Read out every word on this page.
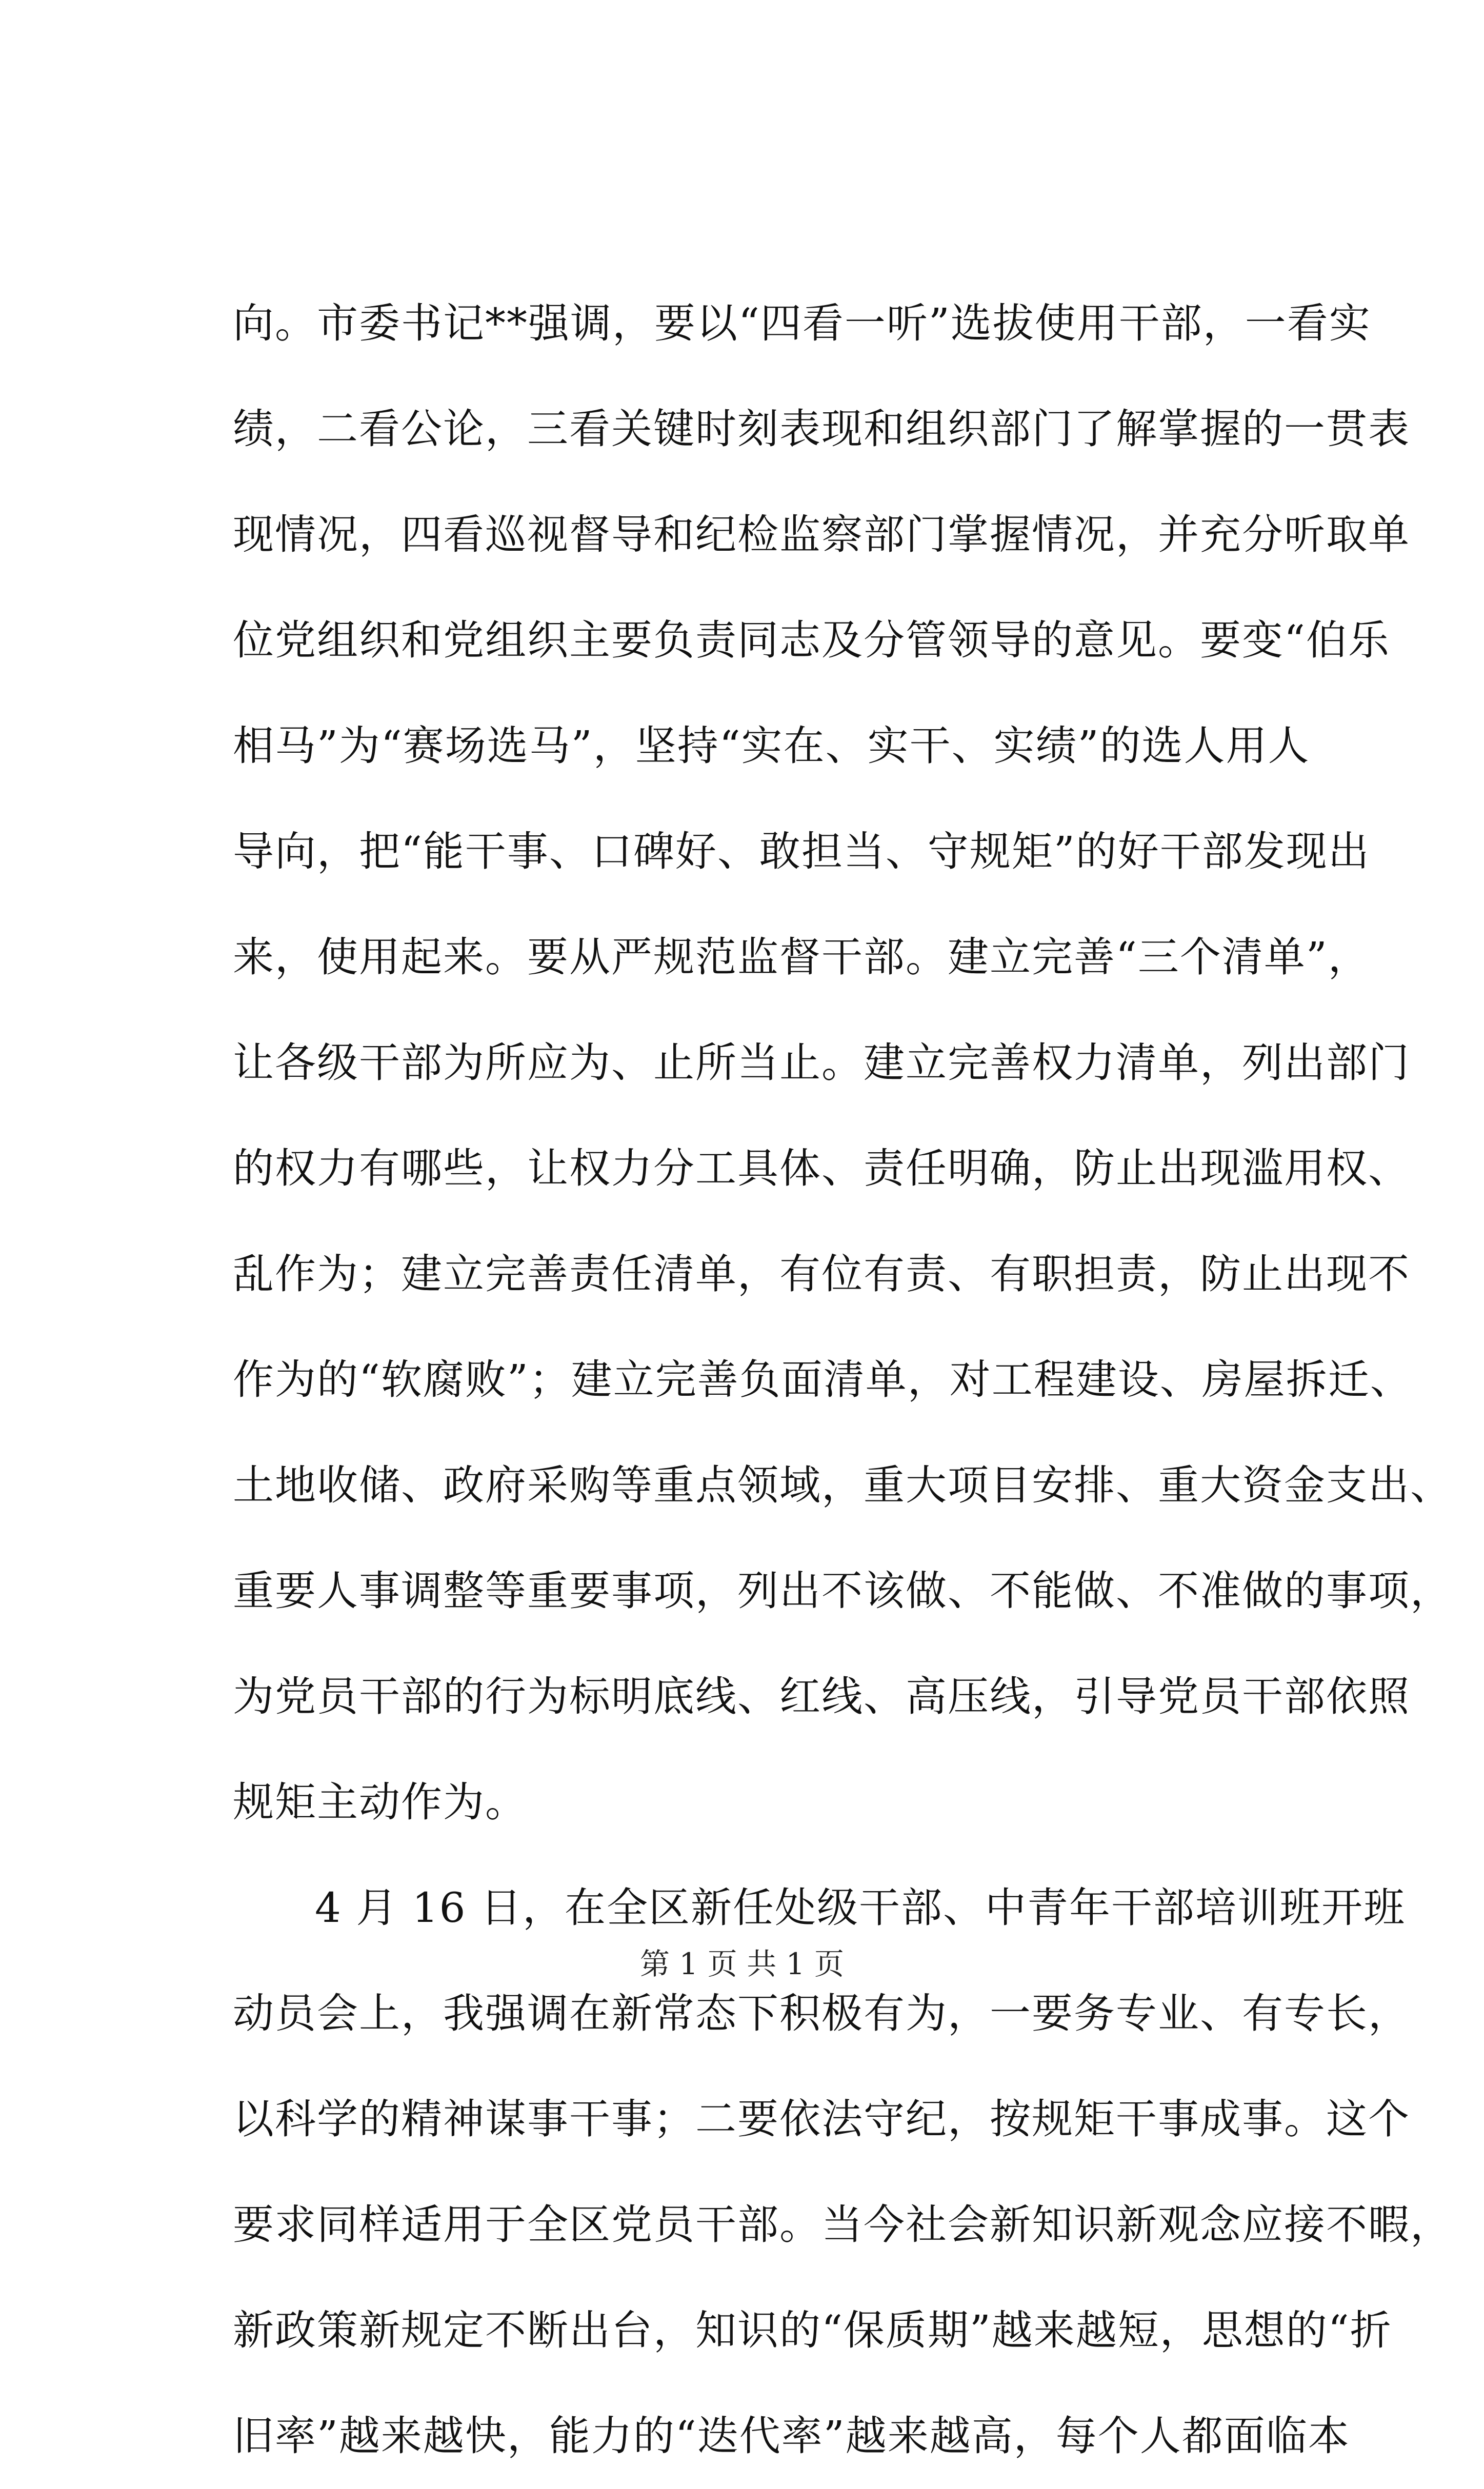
向。市委书记**强调，要以“四看一听”选拔使用干部，一看实
绩，二看公论，三看关键时刻表现和组织部门了解掌握的一贯表
现情况，四看巡视督导和纪检监察部门掌握情况，并充分听取单
位党组织和党组织主要负责同志及分管领导的意见。要变“伯乐
相马”为“赛场选马”，坚持“实在、实干、实绩”的选人用人
导向，把“能干事、口碑好、敢担当、守规矩”的好干部发现出
来，使用起来。要从严规范监督干部。建立完善“三个清单”，
让各级干部为所应为、止所当止。建立完善权力清单，列出部门
的权力有哪些，让权力分工具体、责任明确，防止出现滥用权、
乱作为；建立完善责任清单，有位有责、有职担责，防止出现不
作为的“软腐败”；建立完善负面清单，对工程建设、房屋拆迁、
土地收储、政府采购等重点领域，重大项目安排、重大资金支出、
重要人事调整等重要事项，列出不该做、不能做、不准做的事项，
为党员干部的行为标明底线、红线、高压线，引导党员干部依照
规矩主动作为。
4 月 16 日，在全区新任处级干部、中青年干部培训班开班
动员会上，我强调在新常态下积极有为，一要务专业、有专长，
以科学的精神谋事干事；二要依法守纪，按规矩干事成事。这个
要求同样适用于全区党员干部。当今社会新知识新观念应接不暇，
新政策新规定不断出台，知识的“保质期”越来越短，思想的“折
旧率”越来越快，能力的“迭代率”越来越高，每个人都面临本
第 1 页 共 1 页
